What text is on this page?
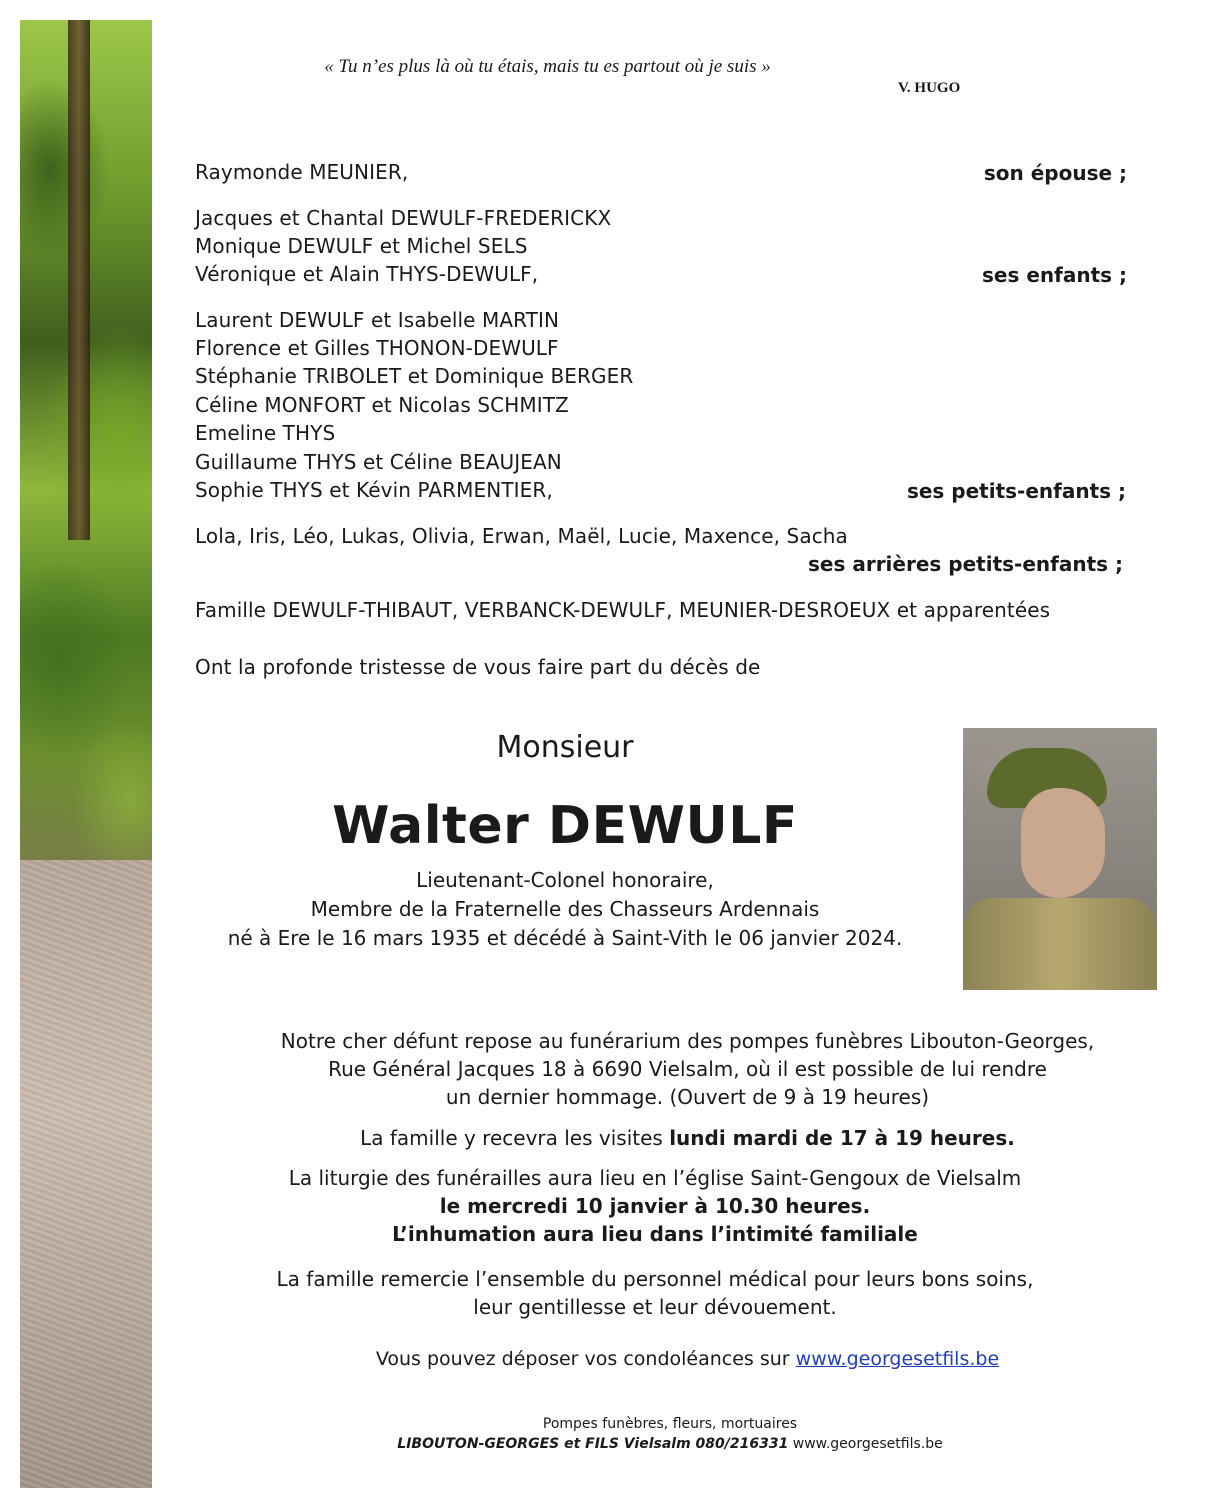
« Tu n’es plus là où tu étais, mais tu es partout où je suis »
V. HUGO
Raymonde MEUNIER,	son épouse ;
Jacques et Chantal DEWULF-FREDERICKX
Monique DEWULF et Michel SELS
Véronique et Alain THYS-DEWULF,	ses enfants ;
Laurent DEWULF et Isabelle MARTIN
Florence et Gilles THONON-DEWULF
Stéphanie TRIBOLET et Dominique BERGER
Céline MONFORT et Nicolas SCHMITZ
Emeline THYS
Guillaume THYS et Céline BEAUJEAN
Sophie THYS et Kévin PARMENTIER,	ses petits-enfants ;
Lola, Iris, Léo, Lukas, Olivia, Erwan, Maël, Lucie, Maxence, Sacha
ses arrières petits-enfants ;
Famille DEWULF-THIBAUT, VERBANCK-DEWULF, MEUNIER-DESROEUX et apparentées
Ont la profonde tristesse de vous faire part du décès de
Monsieur
Walter DEWULF
Lieutenant-Colonel honoraire,
Membre de la Fraternelle des Chasseurs Ardennais
né à Ere le 16 mars 1935 et décédé à Saint-Vith le 06 janvier 2024.
Notre cher défunt repose au funérarium des pompes funèbres Libouton-Georges,
Rue Général Jacques 18 à 6690 Vielsalm, où il est possible de lui rendre
un dernier hommage. (Ouvert de 9 à 19 heures)
La famille y recevra les visites lundi mardi de 17 à 19 heures.
La liturgie des funérailles aura lieu en l’église Saint-Gengoux de Vielsalm
le mercredi 10 janvier à 10.30 heures.
L’inhumation aura lieu dans l’intimité familiale
La famille remercie l’ensemble du personnel médical pour leurs bons soins,
leur gentillesse et leur dévouement.
Vous pouvez déposer vos condoléances sur www.georgesetfils.be
Pompes funèbres, fleurs, mortuaires
LIBOUTON-GEORGES et FILS Vielsalm 080/216331 www.georgesetfils.be
